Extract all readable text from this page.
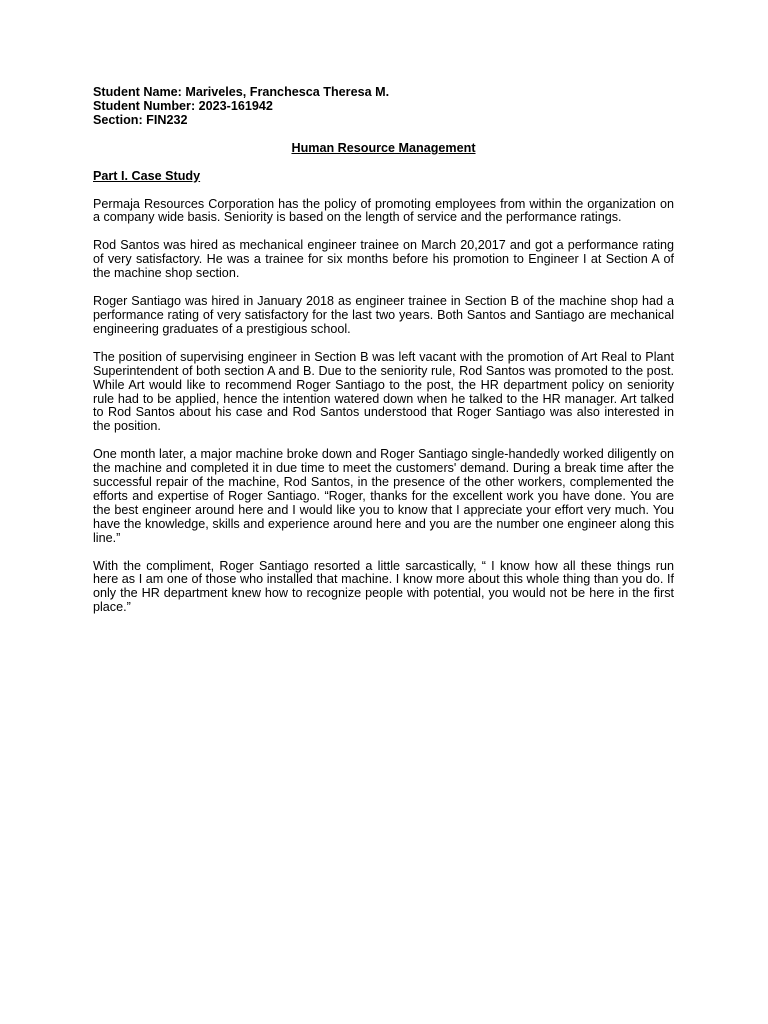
Student Name: Mariveles, Franchesca Theresa M.

Student Number: 2023-161942

Section: FIN232

Human Resource Management

Part I. Case Study

Permaja Resources Corporation has the policy of promoting employees from within the organization on a company wide basis. Seniority is based on the length of service and the performance ratings.

Rod Santos was hired as mechanical engineer trainee on March 20,2017 and got a performance rating of very satisfactory. He was a trainee for six months before his promotion to Engineer I at Section A of the machine shop section.

Roger Santiago was hired in January 2018 as engineer trainee in Section B of the machine shop had a performance rating of very satisfactory for the last two years. Both Santos and Santiago are mechanical engineering graduates of a prestigious school.

The position of supervising engineer in Section B was left vacant with the promotion of Art Real to Plant Superintendent of both section A and B. Due to the seniority rule, Rod Santos was promoted to the post. While Art would like to recommend Roger Santiago to the post, the HR department policy on seniority rule had to be applied, hence the intention watered down when he talked to the HR manager. Art talked to Rod Santos about his case and Rod Santos understood that Roger Santiago was also interested in the position.

One month later, a major machine broke down and Roger Santiago single-handedly worked diligently on the machine and completed it in due time to meet the customers' demand. During a break time after the successful repair of the machine, Rod Santos, in the presence of the other workers, complemented the efforts and expertise of Roger Santiago. “Roger, thanks for the excellent work you have done. You are the best engineer around here and I would like you to know that I appreciate your effort very much. You have the knowledge, skills and experience around here and you are the number one engineer along this line.”

With the compliment, Roger Santiago resorted a little sarcastically, “ I know how all these things run here as I am one of those who installed that machine. I know more about this whole thing than you do. If only the HR department knew how to recognize people with potential, you would not be here in the first place.”
